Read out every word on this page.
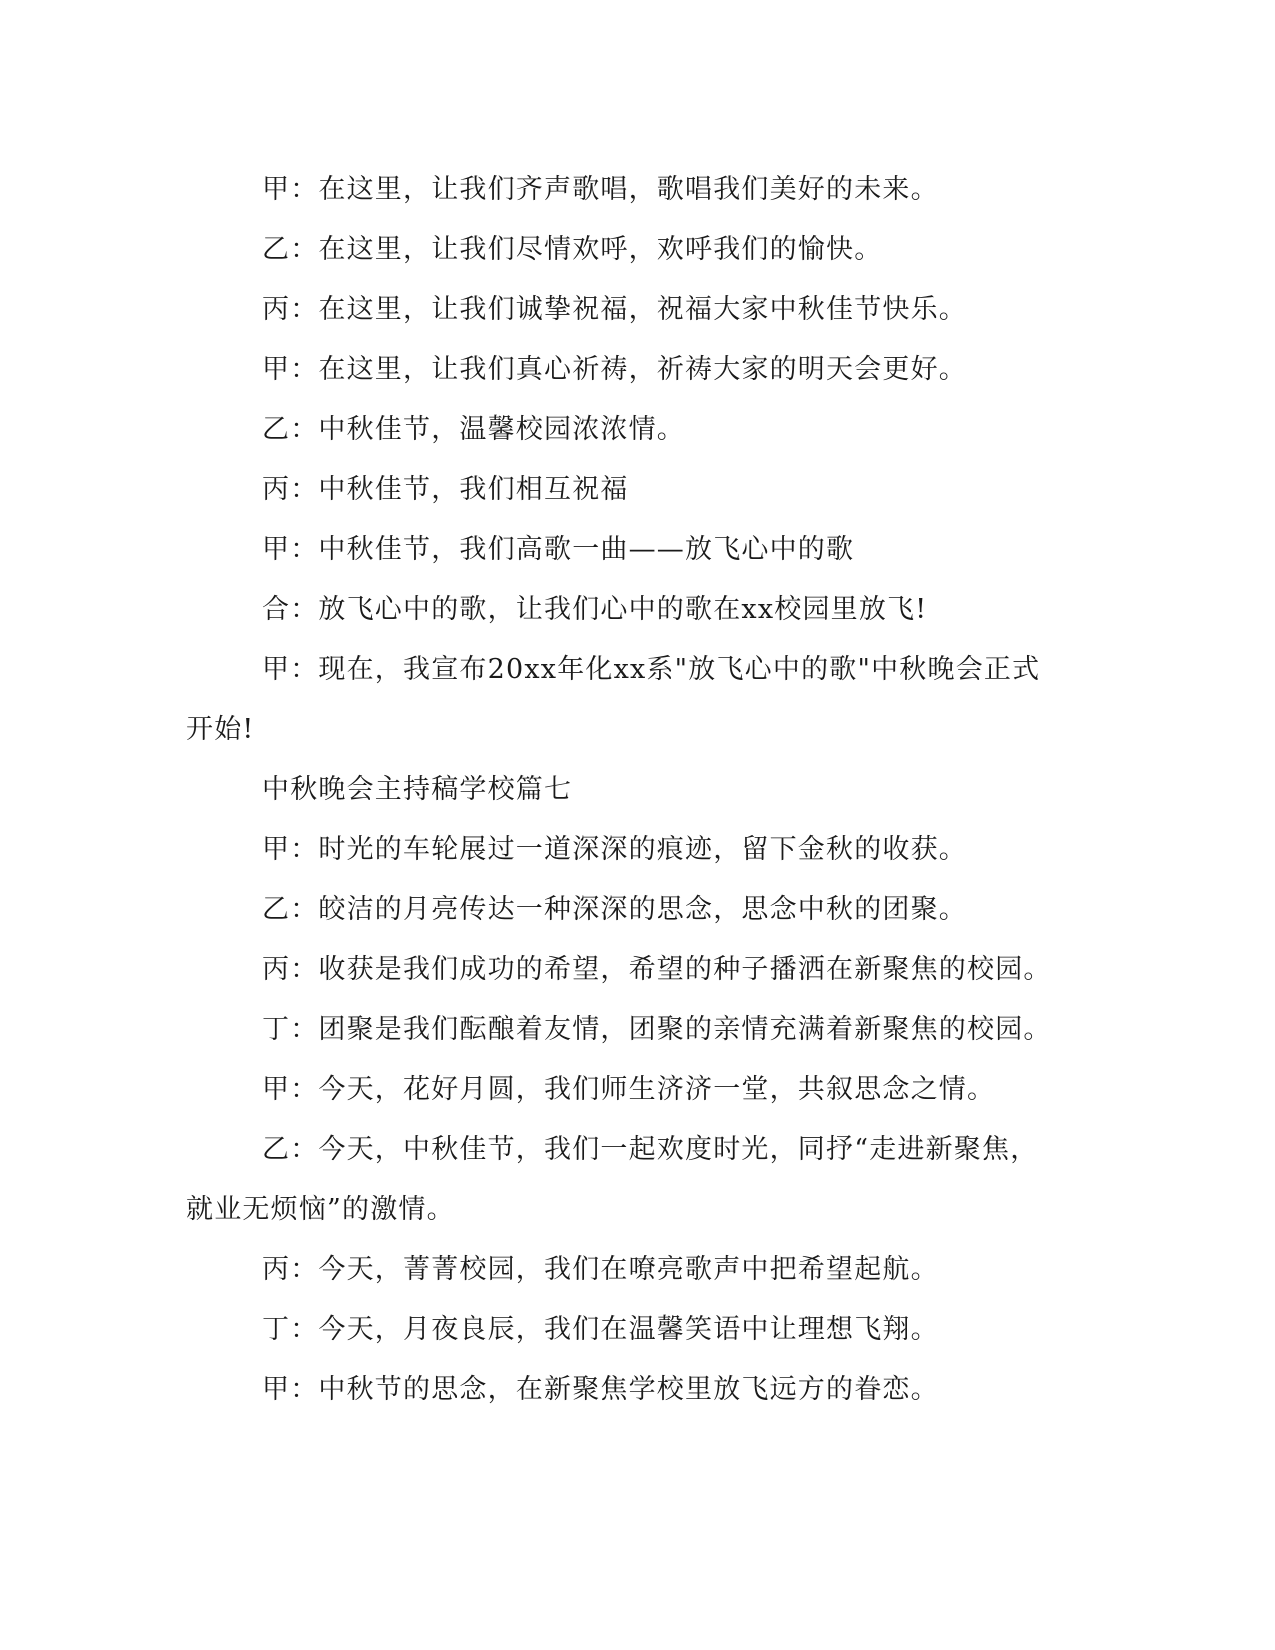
甲：在这里，让我们齐声歌唱，歌唱我们美好的未来。

乙：在这里，让我们尽情欢呼，欢呼我们的愉快。

丙：在这里，让我们诚挚祝福，祝福大家中秋佳节快乐。

甲：在这里，让我们真心祈祷，祈祷大家的明天会更好。

乙：中秋佳节，温馨校园浓浓情。

丙：中秋佳节，我们相互祝福

甲：中秋佳节，我们高歌一曲——放飞心中的歌

合：放飞心中的歌，让我们心中的歌在xx校园里放飞!

甲：现在，我宣布20xx年化xx系"放飞心中的歌"中秋晚会正式开始!

中秋晚会主持稿学校篇七

甲：时光的车轮展过一道深深的痕迹，留下金秋的收获。

乙：皎洁的月亮传达一种深深的思念，思念中秋的团聚。

丙：收获是我们成功的希望，希望的种子播洒在新聚焦的校园。

丁：团聚是我们酝酿着友情，团聚的亲情充满着新聚焦的校园。

甲：今天，花好月圆，我们师生济济一堂，共叙思念之情。

乙：今天，中秋佳节，我们一起欢度时光，同抒“走进新聚焦，就业无烦恼”的激情。

丙：今天，菁菁校园，我们在嘹亮歌声中把希望起航。

丁：今天，月夜良辰，我们在温馨笑语中让理想飞翔。

甲：中秋节的思念，在新聚焦学校里放飞远方的眷恋。
